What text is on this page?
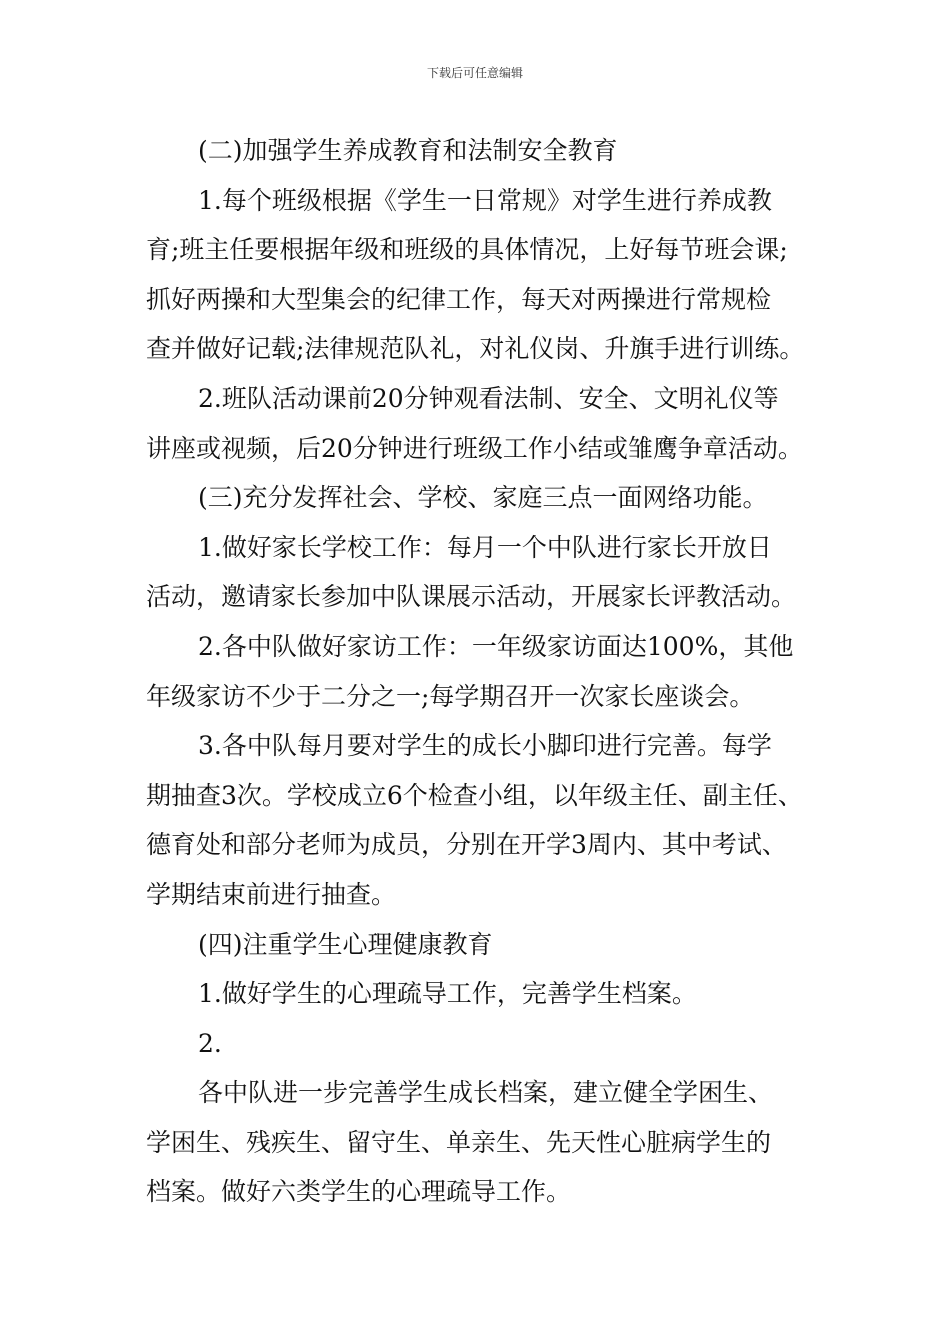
下载后可任意编辑

(二)加强学生养成教育和法制安全教育

1.每个班级根据《学生一日常规》对学生进行养成教

育;班主任要根据年级和班级的具体情况，上好每节班会课;

抓好两操和大型集会的纪律工作，每天对两操进行常规检

查并做好记载;法律规范队礼，对礼仪岗、升旗手进行训练。

2.班队活动课前20分钟观看法制、安全、文明礼仪等

讲座或视频，后20分钟进行班级工作小结或雏鹰争章活动。

(三)充分发挥社会、学校、家庭三点一面网络功能。

1.做好家长学校工作：每月一个中队进行家长开放日

活动，邀请家长参加中队课展示活动，开展家长评教活动。

2.各中队做好家访工作：一年级家访面达100%，其他

年级家访不少于二分之一;每学期召开一次家长座谈会。

3.各中队每月要对学生的成长小脚印进行完善。每学

期抽查3次。学校成立6个检查小组，以年级主任、副主任、

德育处和部分老师为成员，分别在开学3周内、其中考试、

学期结束前进行抽查。

(四)注重学生心理健康教育

1.做好学生的心理疏导工作，完善学生档案。

2.

各中队进一步完善学生成长档案，建立健全学困生、

学困生、残疾生、留守生、单亲生、先天性心脏病学生的

档案。做好六类学生的心理疏导工作。
